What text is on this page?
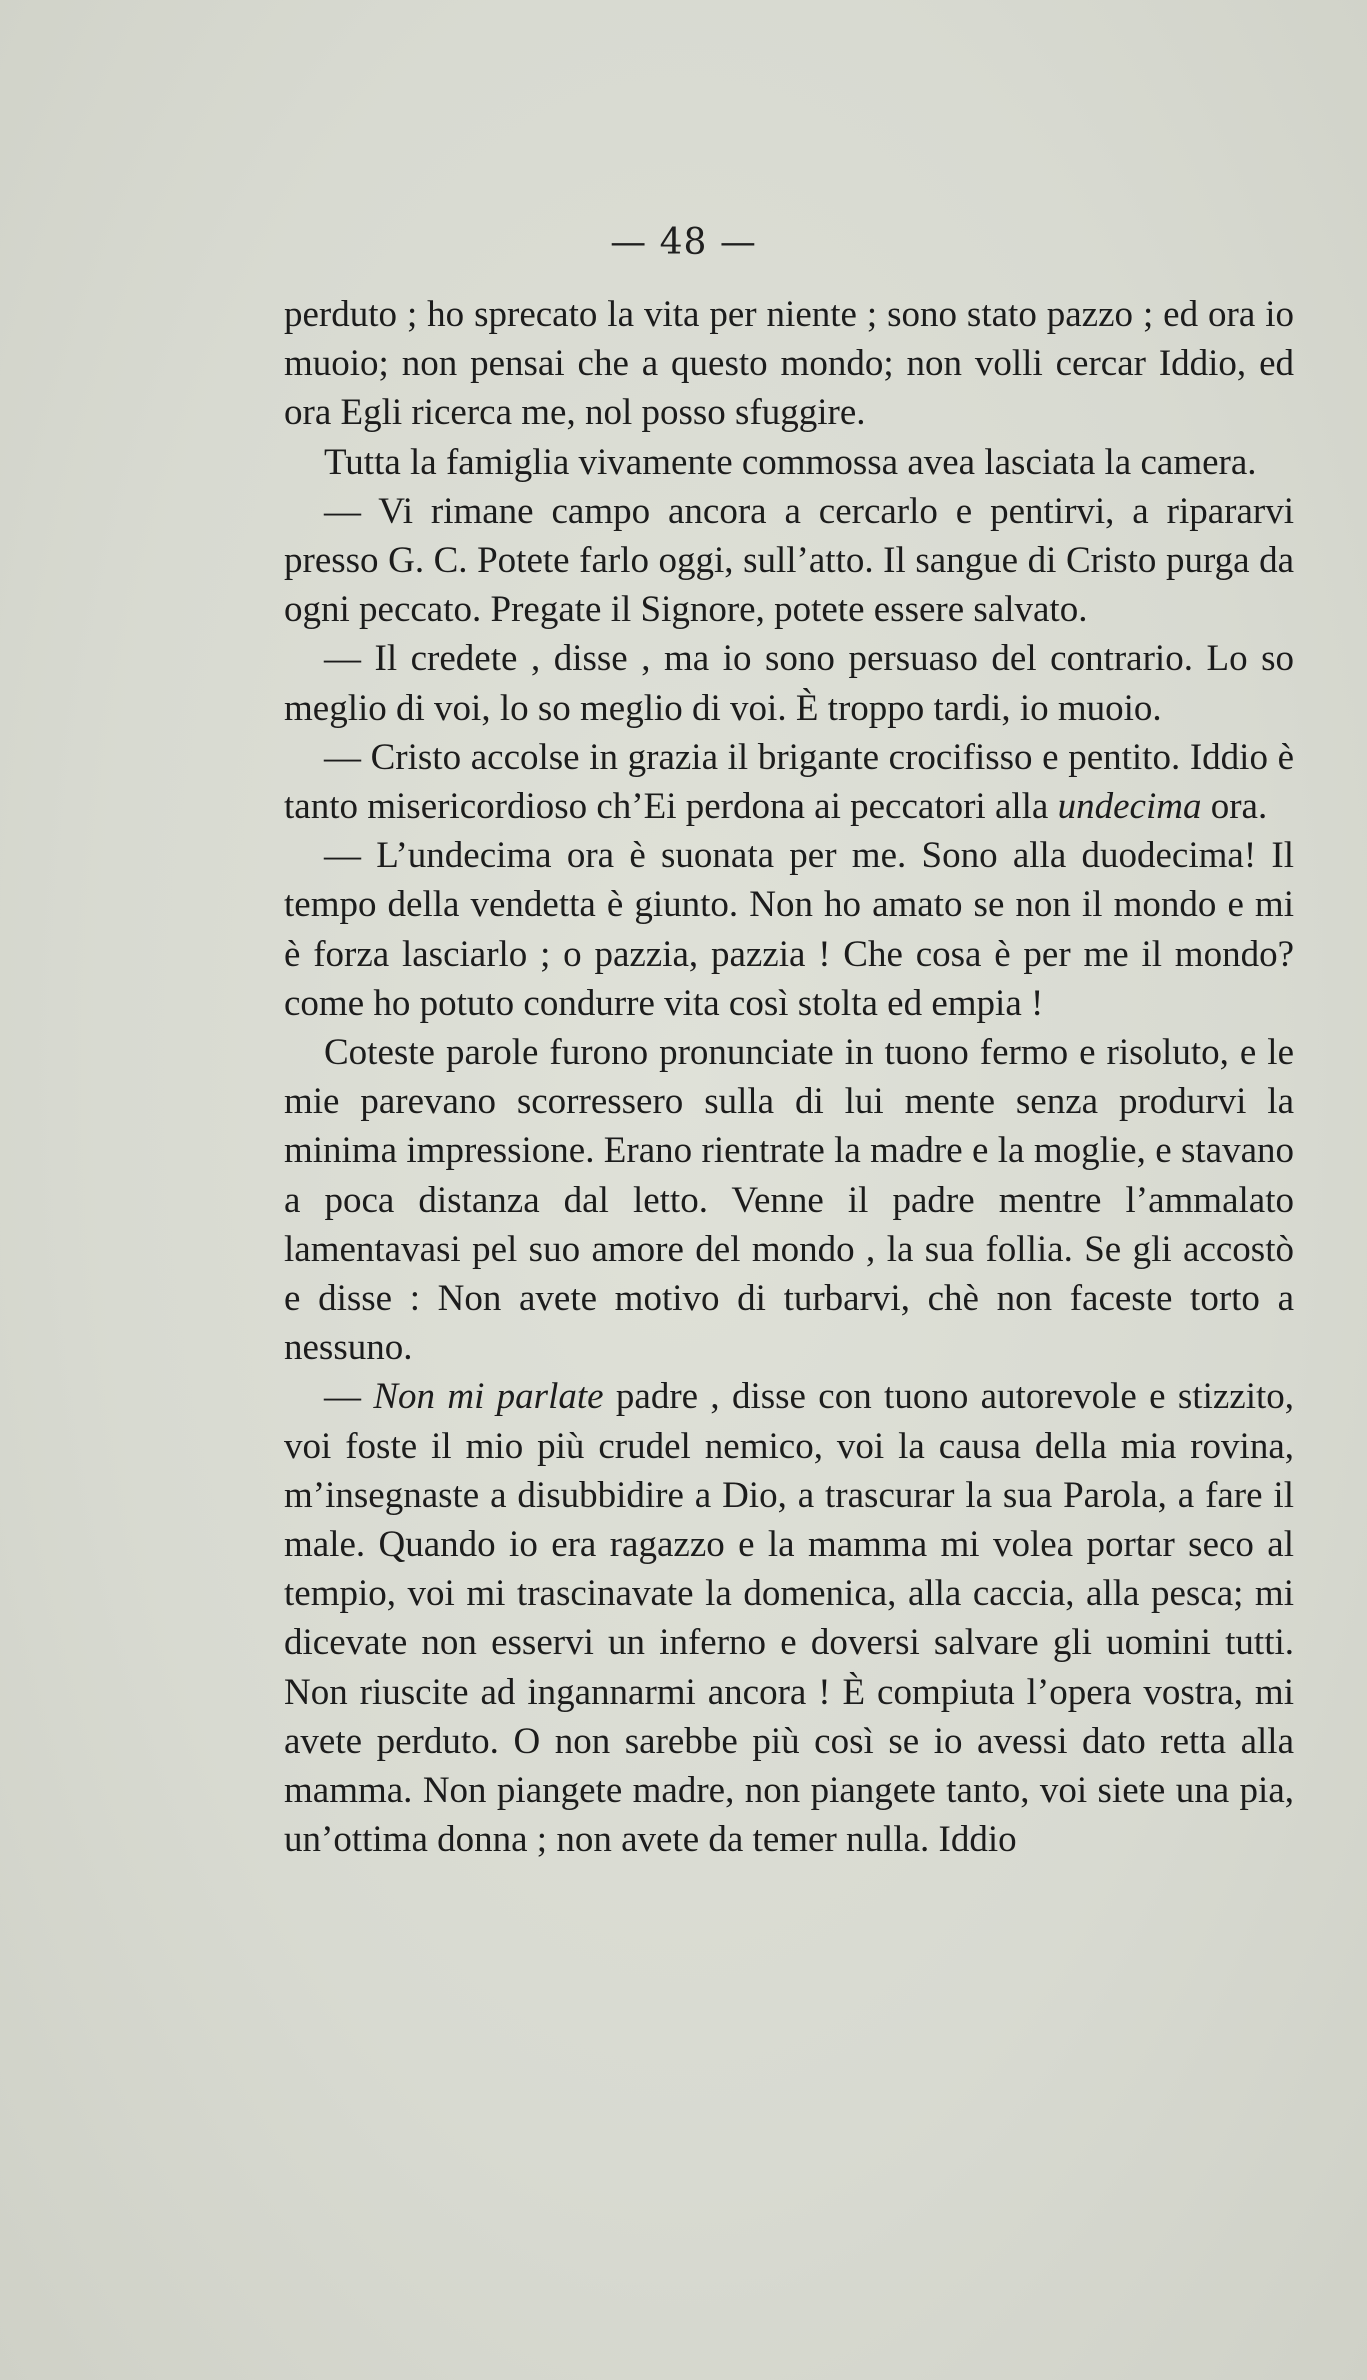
— 48 —

perduto ; ho sprecato la vita per niente ; sono stato pazzo ; ed ora io muoio; non pensai che a questo mondo; non volli cercar Iddio, ed ora Egli ricerca me, nol posso sfuggire.

Tutta la famiglia vivamente commossa avea lasciata la camera.

— Vi rimane campo ancora a cercarlo e pentirvi, a ripararvi presso G. C. Potete farlo oggi, sull’atto. Il sangue di Cristo purga da ogni peccato. Pregate il Signore, potete essere salvato.

— Il credete , disse , ma io sono persuaso del contrario. Lo so meglio di voi, lo so meglio di voi. È troppo tardi, io muoio.

— Cristo accolse in grazia il brigante crocifisso e pentito. Iddio è tanto misericordioso ch’Ei perdona ai peccatori alla undecima ora.

— L’undecima ora è suonata per me. Sono alla duodecima! Il tempo della vendetta è giunto. Non ho amato se non il mondo e mi è forza lasciarlo ; o pazzia, pazzia ! Che cosa è per me il mondo? come ho potuto condurre vita così stolta ed empia !

Coteste parole furono pronunciate in tuono fermo e risoluto, e le mie parevano scorressero sulla di lui mente senza produrvi la minima impressione. Erano rientrate la madre e la moglie, e stavano a poca distanza dal letto. Venne il padre mentre l’ammalato lamentavasi pel suo amore del mondo , la sua follia. Se gli accostò e disse : Non avete motivo di turbarvi, chè non faceste torto a nessuno.

— Non mi parlate padre , disse con tuono autorevole e stizzito, voi foste il mio più crudel nemico, voi la causa della mia rovina, m’insegnaste a disubbidire a Dio, a trascurar la sua Parola, a fare il male. Quando io era ragazzo e la mamma mi volea portar seco al tempio, voi mi trascinavate la domenica, alla caccia, alla pesca; mi dicevate non esservi un inferno e doversi salvare gli uomini tutti. Non riuscite ad ingannarmi ancora ! È compiuta l’opera vostra, mi avete perduto. O non sarebbe più così se io avessi dato retta alla mamma. Non piangete madre, non piangete tanto, voi siete una pia, un’ottima donna ; non avete da temer nulla. Iddio
